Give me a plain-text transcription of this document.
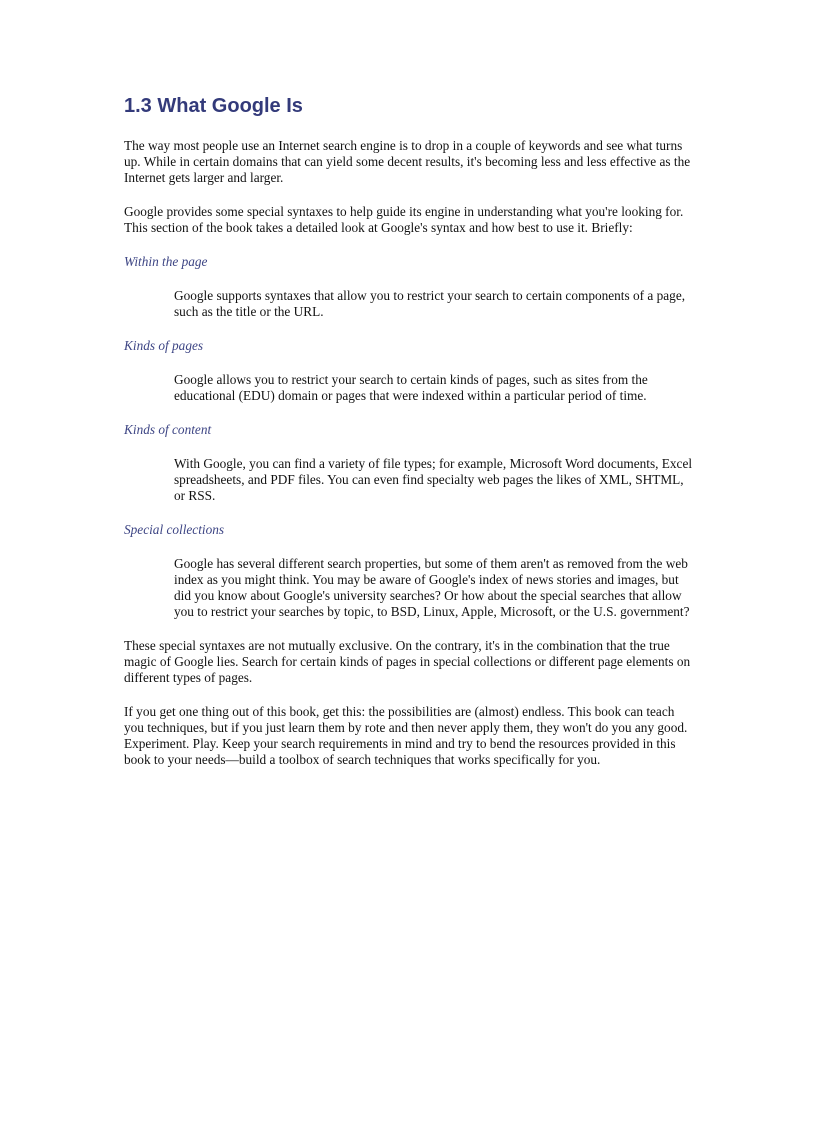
1.3 What Google Is

The way most people use an Internet search engine is to drop in a couple of keywords and see what turns up. While in certain domains that can yield some decent results, it's becoming less and less effective as the Internet gets larger and larger.

Google provides some special syntaxes to help guide its engine in understanding what you're looking for. This section of the book takes a detailed look at Google's syntax and how best to use it. Briefly:

Within the page
Google supports syntaxes that allow you to restrict your search to certain components of a page, such as the title or the URL.
Kinds of pages
Google allows you to restrict your search to certain kinds of pages, such as sites from the educational (EDU) domain or pages that were indexed within a particular period of time.
Kinds of content
With Google, you can find a variety of file types; for example, Microsoft Word documents, Excel spreadsheets, and PDF files. You can even find specialty web pages the likes of XML, SHTML, or RSS.
Special collections
Google has several different search properties, but some of them aren't as removed from the web index as you might think. You may be aware of Google's index of news stories and images, but did you know about Google's university searches? Or how about the special searches that allow you to restrict your searches by topic, to BSD, Linux, Apple, Microsoft, or the U.S. government?

These special syntaxes are not mutually exclusive. On the contrary, it's in the combination that the true magic of Google lies. Search for certain kinds of pages in special collections or different page elements on different types of pages.

If you get one thing out of this book, get this: the possibilities are (almost) endless. This book can teach you techniques, but if you just learn them by rote and then never apply them, they won't do you any good. Experiment. Play. Keep your search requirements in mind and try to bend the resources provided in this book to your needs—build a toolbox of search techniques that works specifically for you.
